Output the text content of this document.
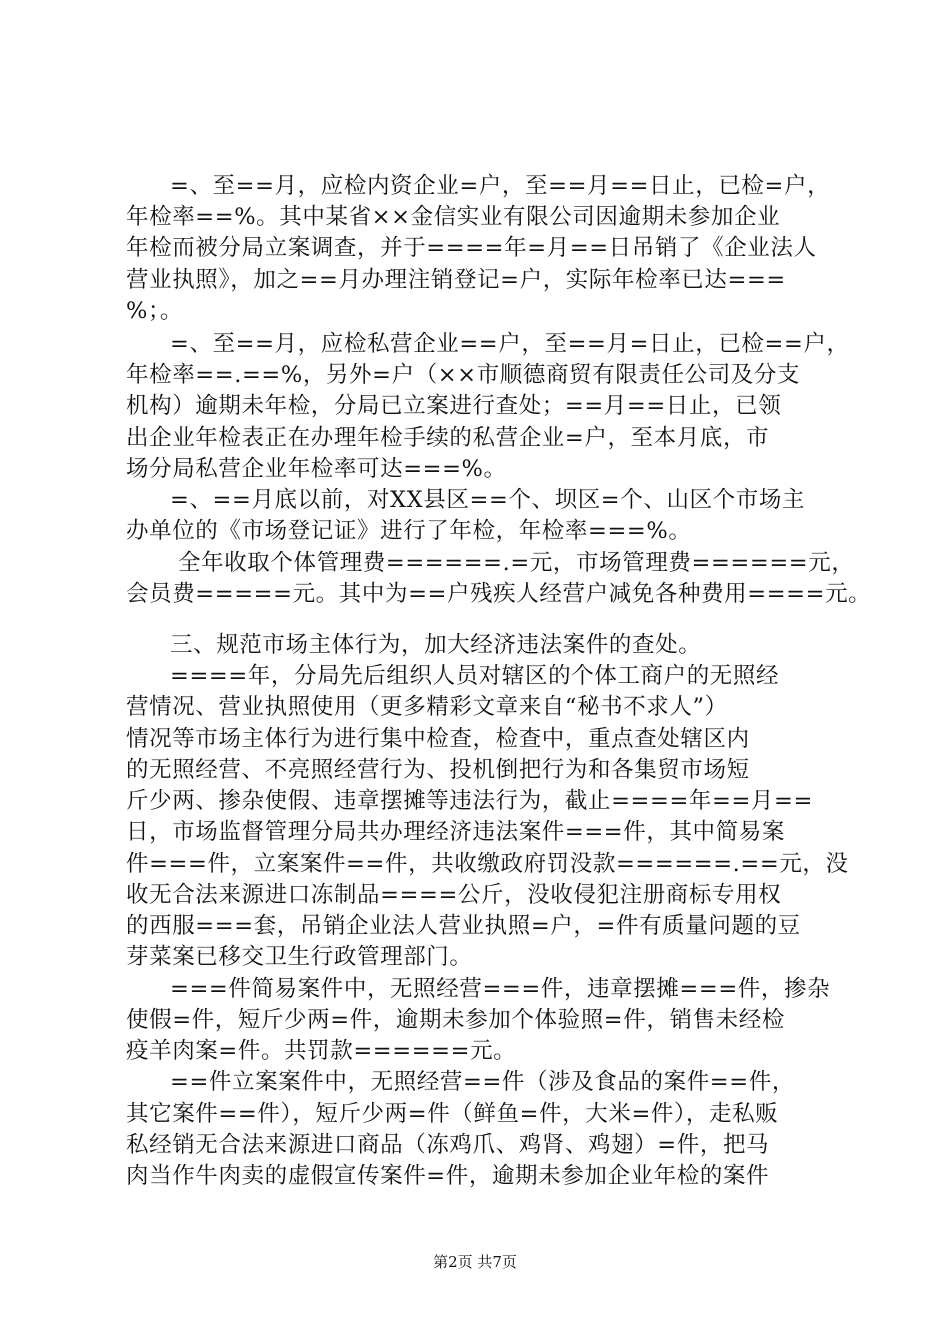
=、至==月，应检内资企业=户，至==月==日止，已检=户，
年检率==%。其中某省××金信实业有限公司因逾期未参加企业
年检而被分局立案调查，并于====年=月==日吊销了《企业法人
营业执照》，加之==月办理注销登记=户，实际年检率已达===
%；。
=、至==月，应检私营企业==户，至==月=日止，已检==户，
年检率==.==%，另外=户（××市顺德商贸有限责任公司及分支
机构）逾期未年检，分局已立案进行查处；==月==日止，已领
出企业年检表正在办理年检手续的私营企业=户，至本月底，市
场分局私营企业年检率可达===%。
=、==月底以前，对XX县区==个、坝区=个、山区个市场主
办单位的《市场登记证》进行了年检，年检率===%。
全年收取个体管理费======.=元，市场管理费======元，
会员费=====元。其中为==户残疾人经营户减免各种费用====元。
三、规范市场主体行为，加大经济违法案件的查处。
====年，分局先后组织人员对辖区的个体工商户的无照经
营情况、营业执照使用（更多精彩文章来自“秘书不求人”）
情况等市场主体行为进行集中检查，检查中，重点查处辖区内
的无照经营、不亮照经营行为、投机倒把行为和各集贸市场短
斤少两、掺杂使假、违章摆摊等违法行为，截止====年==月==
日，市场监督管理分局共办理经济违法案件===件，其中简易案
件===件，立案案件==件，共收缴政府罚没款======.==元，没
收无合法来源进口冻制品====公斤，没收侵犯注册商标专用权
的西服===套，吊销企业法人营业执照=户，=件有质量问题的豆
芽菜案已移交卫生行政管理部门。
===件简易案件中，无照经营===件，违章摆摊===件，掺杂
使假=件，短斤少两=件，逾期未参加个体验照=件，销售未经检
疫羊肉案=件。共罚款======元。
==件立案案件中，无照经营==件（涉及食品的案件==件，
其它案件==件），短斤少两=件（鲜鱼=件，大米=件），走私贩
私经销无合法来源进口商品（冻鸡爪、鸡肾、鸡翅）=件，把马
肉当作牛肉卖的虚假宣传案件=件，逾期未参加企业年检的案件
第2页 共7页
